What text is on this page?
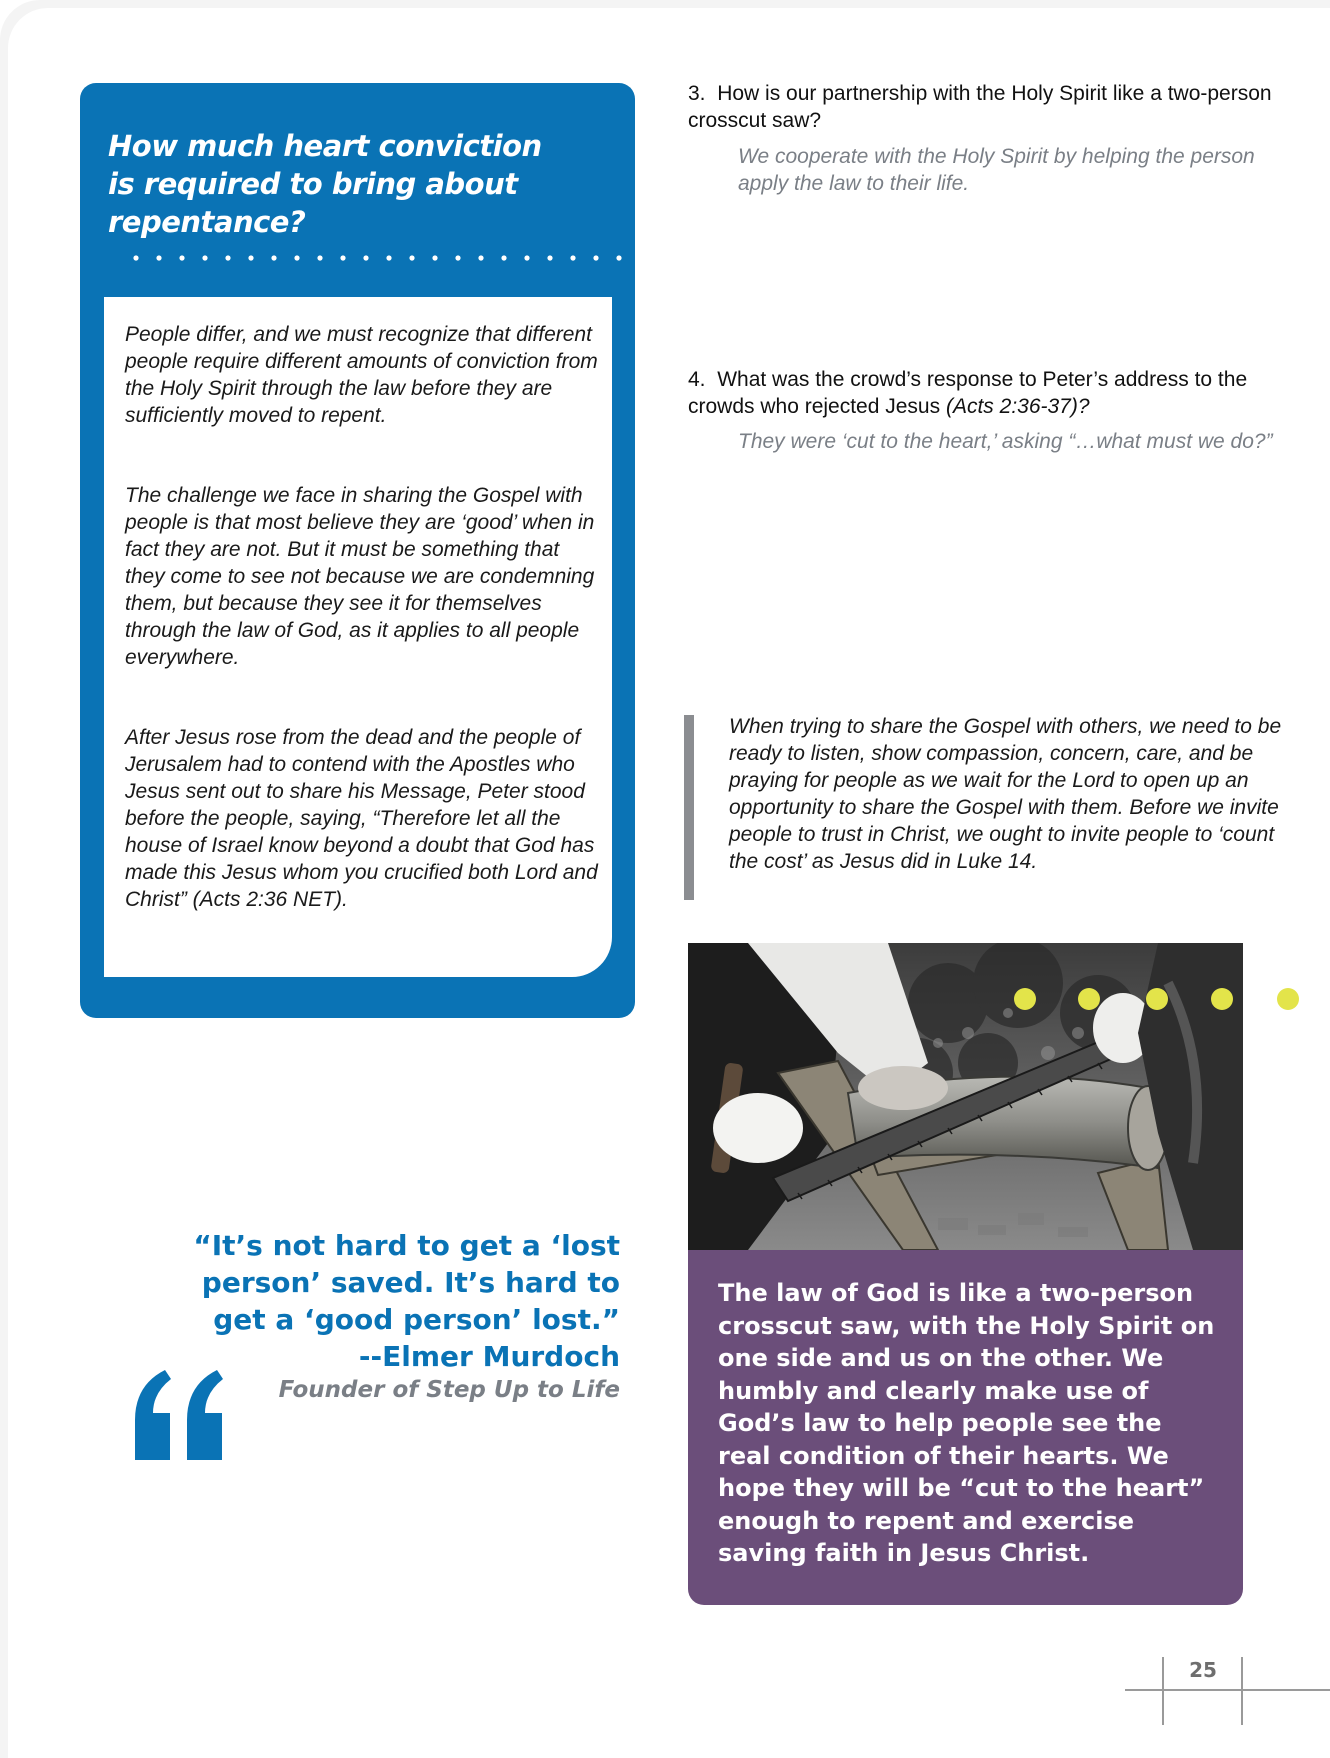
How much heart conviction is required to bring about repentance?

People differ, and we must recognize that different people require different amounts of conviction from the Holy Spirit through the law before they are sufficiently moved to repent.

The challenge we face in sharing the Gospel with people is that most believe they are ‘good’ when in fact they are not. But it must be something that they come to see not because we are condemning them, but because they see it for themselves through the law of God, as it applies to all people everywhere.

After Jesus rose from the dead and the people of Jerusalem had to contend with the Apostles who Jesus sent out to share his Message, Peter stood before the people, saying, “Therefore let all the house of Israel know beyond a doubt that God has made this Jesus whom you crucified both Lord and Christ” (Acts 2:36 NET).

3. How is our partnership with the Holy Spirit like a two-person crosscut saw?
We cooperate with the Holy Spirit by helping the person apply the law to their life.
4. What was the crowd’s response to Peter’s address to the crowds who rejected Jesus (Acts 2:36-37)?
They were ‘cut to the heart,’ asking “…what must we do?”
When trying to share the Gospel with others, we need to be ready to listen, show compassion, concern, care, and be praying for people as we wait for the Lord to open up an opportunity to share the Gospel with them. Before we invite people to trust in Christ, we ought to invite people to ‘count the cost’ as Jesus did in Luke 14.

The law of God is like a two-person crosscut saw, with the Holy Spirit on one side and us on the other. We humbly and clearly make use of God’s law to help people see the real condition of their hearts. We hope they will be “cut to the heart” enough to repent and exercise saving faith in Jesus Christ.

“It’s not hard to get a ‘lost person’ saved. It’s hard to get a ‘good person’ lost.”
--Elmer Murdoch
Founder of Step Up to Life
25
